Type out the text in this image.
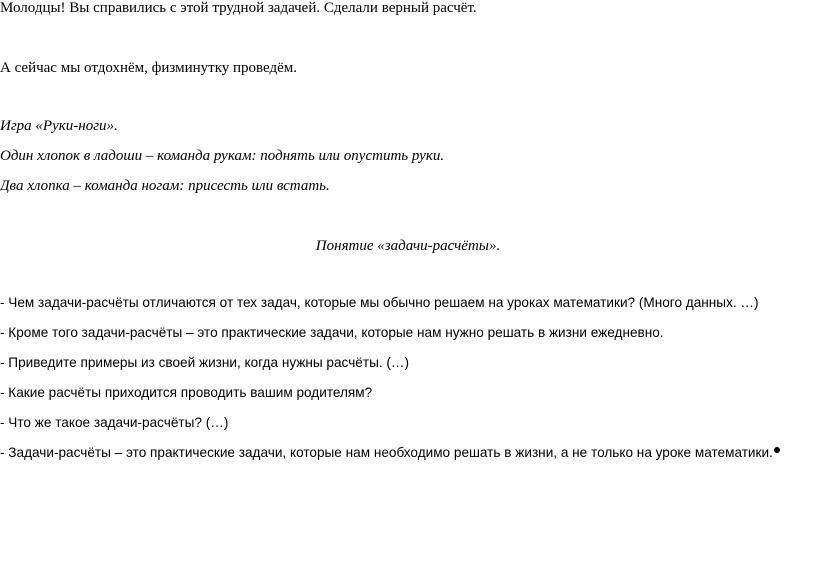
Молодцы! Вы справились с этой трудной задачей. Сделали верный расчёт.
А сейчас мы отдохнём, физминутку проведём.
Игра «Руки-ноги».
Один хлопок в ладоши – команда рукам: поднять или опустить руки.
Два хлопка – команда ногам: присесть или встать.
Понятие «задачи-расчёты».
- Чем задачи-расчёты отличаются от тех задач, которые мы обычно решаем на уроках математики? (Много данных. …)
- Кроме того задачи-расчёты – это практические задачи, которые нам нужно решать в жизни ежедневно.
- Приведите примеры из своей жизни, когда нужны расчёты. (…)
- Какие расчёты приходится проводить вашим родителям?
- Что же такое задачи-расчёты? (…)
- Задачи-расчёты – это практические задачи, которые нам необходимо решать в жизни, а не только на уроке математики.
